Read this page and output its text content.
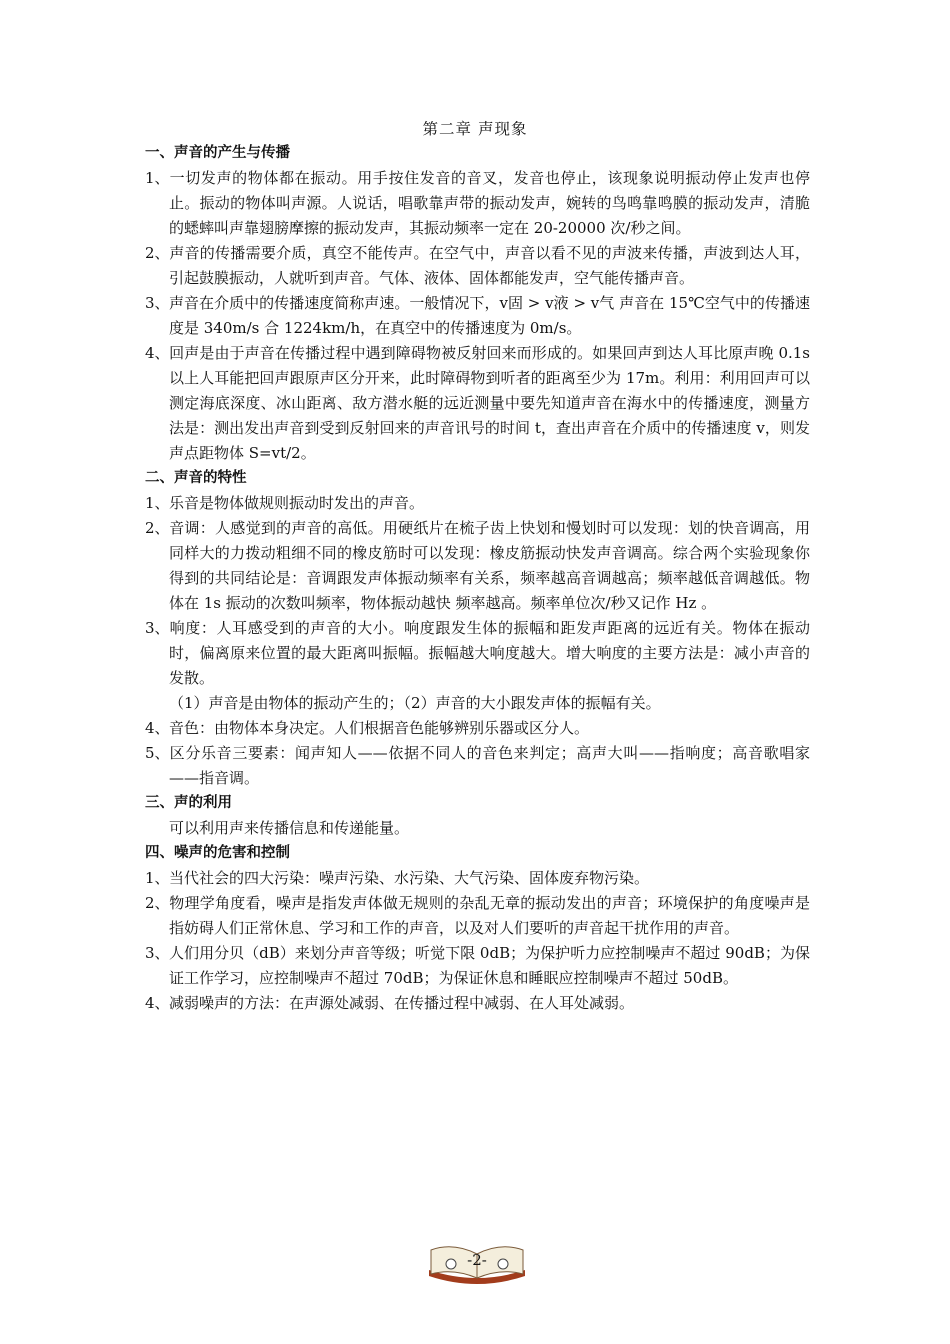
第二章 声现象
一、声音的产生与传播
1、一切发声的物体都在振动。用手按住发音的音叉，发音也停止，该现象说明振动停止发声也停止。振动的物体叫声源。人说话，唱歌靠声带的振动发声，婉转的鸟鸣靠鸣膜的振动发声，清脆的蟋蟀叫声靠翅膀摩擦的振动发声，其振动频率一定在 20-20000 次/秒之间。
2、声音的传播需要介质，真空不能传声。在空气中，声音以看不见的声波来传播，声波到达人耳，引起鼓膜振动，人就听到声音。气体、液体、固体都能发声，空气能传播声音。
3、声音在介质中的传播速度简称声速。一般情况下，v固 > v液 > v气 声音在 15℃空气中的传播速度是 340m/s 合 1224km/h，在真空中的传播速度为 0m/s。
4、回声是由于声音在传播过程中遇到障碍物被反射回来而形成的。如果回声到达人耳比原声晚 0.1s 以上人耳能把回声跟原声区分开来，此时障碍物到听者的距离至少为 17m。利用：利用回声可以测定海底深度、冰山距离、敌方潜水艇的远近测量中要先知道声音在海水中的传播速度，测量方法是：测出发出声音到受到反射回来的声音讯号的时间 t，查出声音在介质中的传播速度 v，则发声点距物体 S=vt/2。
二、声音的特性
1、乐音是物体做规则振动时发出的声音。
2、音调：人感觉到的声音的高低。用硬纸片在梳子齿上快划和慢划时可以发现：划的快音调高，用同样大的力拨动粗细不同的橡皮筋时可以发现：橡皮筋振动快发声音调高。综合两个实验现象你得到的共同结论是：音调跟发声体振动频率有关系，频率越高音调越高；频率越低音调越低。物体在 1s 振动的次数叫频率，物体振动越快 频率越高。频率单位次/秒又记作 Hz 。
3、响度：人耳感受到的声音的大小。响度跟发生体的振幅和距发声距离的远近有关。物体在振动时，偏离原来位置的最大距离叫振幅。振幅越大响度越大。增大响度的主要方法是：减小声音的发散。
（1）声音是由物体的振动产生的；（2）声音的大小跟发声体的振幅有关。
4、音色：由物体本身决定。人们根据音色能够辨别乐器或区分人。
5、区分乐音三要素：闻声知人——依据不同人的音色来判定；高声大叫——指响度；高音歌唱家——指音调。
三、声的利用
可以利用声来传播信息和传递能量。
四、噪声的危害和控制
1、当代社会的四大污染：噪声污染、水污染、大气污染、固体废弃物污染。
2、物理学角度看，噪声是指发声体做无规则的杂乱无章的振动发出的声音；环境保护的角度噪声是指妨碍人们正常休息、学习和工作的声音，以及对人们要听的声音起干扰作用的声音。
3、人们用分贝（dB）来划分声音等级；听觉下限 0dB；为保护听力应控制噪声不超过 90dB；为保证工作学习，应控制噪声不超过 70dB；为保证休息和睡眠应控制噪声不超过 50dB。
4、减弱噪声的方法：在声源处减弱、在传播过程中减弱、在人耳处减弱。
-2-
